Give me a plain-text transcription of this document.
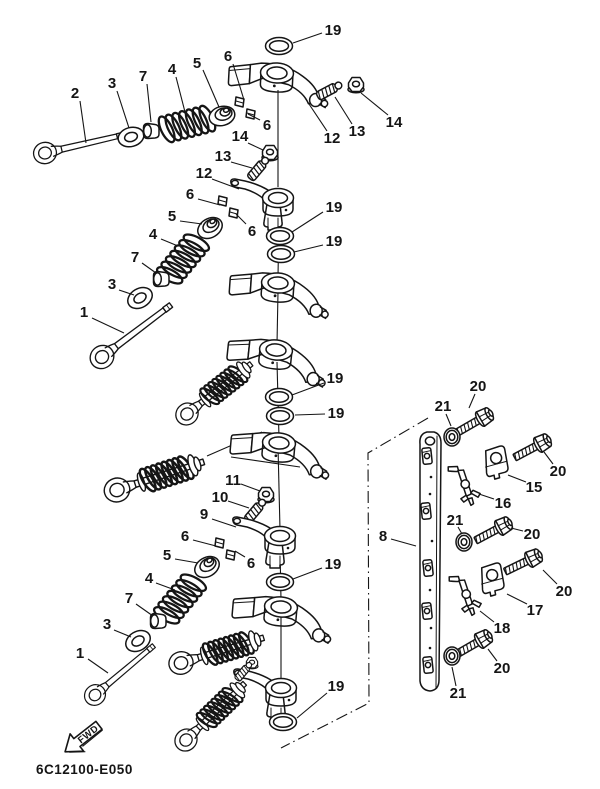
2
3 7 4 5 6
19
6
12 13
14
14
13
12
6
6
5
4
7
3
1
19
19
19
19
11
10
9
6
6
5
4
7
3
1
19
19
8
20
21
20
15
16
21
20
20
17
18
20
21
FWD
6C12100-E050
